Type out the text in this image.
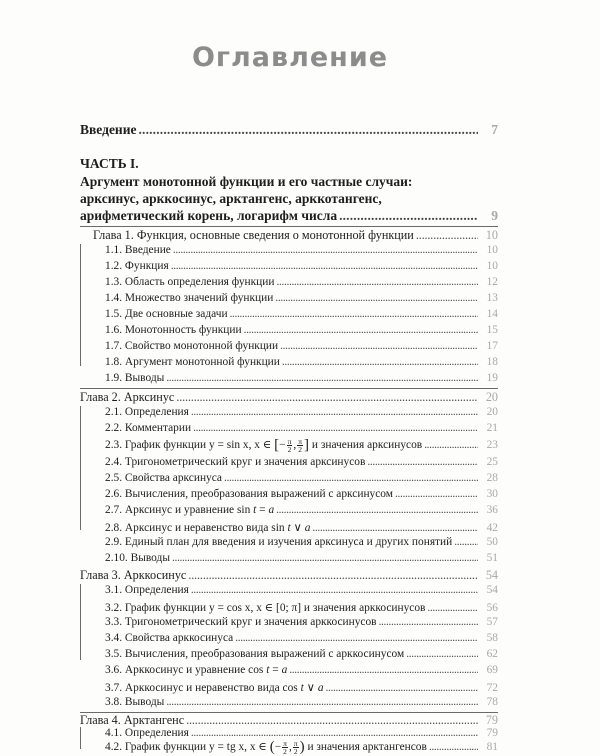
Оглавление
Введение . . .	7
ЧАСТЬ I.
Аргумент монотонной функции и его частные случаи:
арксинус, арккосинус, арктангенс, арккотангенс,
арифметический корень, логарифм числа . . .	9
Глава 1. Функция, основные сведения о монотонной функции . . .	10
1.1. Введение . . .	10
1.2. Функция . . .	10
1.3. Область определения функции . . .	12
1.4. Множество значений функции . . .	13
1.5. Две основные задачи . . .	14
1.6. Монотонность функции . . .	15
1.7. Свойство монотонной функции . . .	17
1.8. Аргумент монотонной функции . . .	18
1.9. Выводы . . .	19
Глава 2. Арксинус . . .	20
2.1. Определения . . .	20
2.2. Комментарии . . .	21
2.3. График функции y = sin x, x ∈ [− $\frac{\pi}{2}$ , $\frac{\pi}{2}$ ] и значения арксинусов . . .	23
2.4. Тригонометрический круг и значения арксинусов . . .	25
2.5. Свойства арксинуса . . .	28
2.6. Вычисления, преобразования выражений с арксинусом . . .	30
2.7. Арксинус и уравнение sin t = a . . .	36
2.8. Арксинус и неравенство вида sin t ∨ a . . .	42
2.9. Единый план для введения и изучения арксинуса и других понятий . . .	50
2.10. Выводы . . .	51
Глава 3. Арккосинус . . .	54
3.1. Определения . . .	54
3.2. График функции y = cos x, x ∈ [0; π] и значения арккосинусов . . .	56
3.3. Тригонометрический круг и значения арккосинусов . . .	57
3.4. Свойства арккосинуса . . .	58
3.5. Вычисления, преобразования выражений с арккосинусом . . .	62
3.6. Арккосинус и уравнение cos t = a . . .	69
3.7. Арккосинус и неравенство вида cos t ∨ a . . .	72
3.8. Выводы . . .	78
Глава 4. Арктангенс . . .	79
4.1. Определения . . .	79
4.2. График функции y = tg x, x ∈ (− $\frac{\pi}{2}$ , $\frac{\pi}{2}$ ) и значения арктангенсов . . .	81
